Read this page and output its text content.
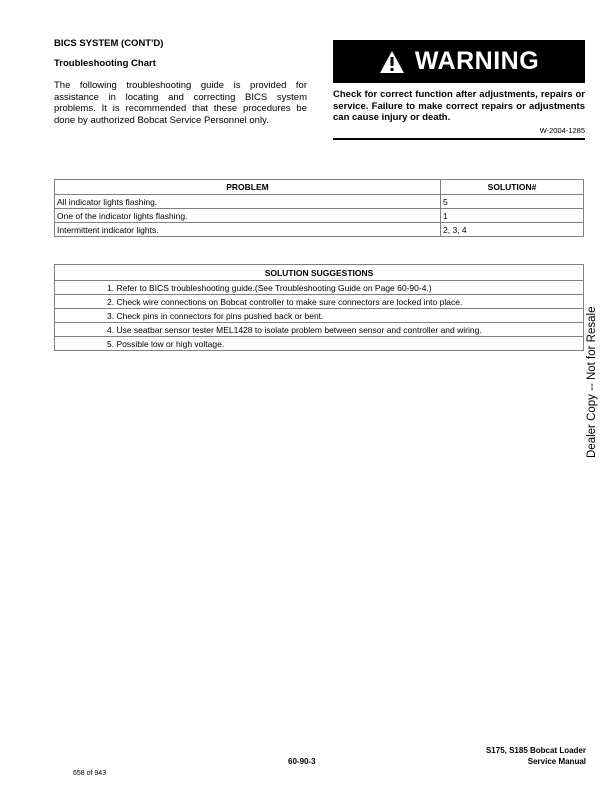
BICS SYSTEM (CONT'D)
Troubleshooting Chart
The following troubleshooting guide is provided for assistance in locating and correcting BICS system problems. It is recommended that these procedures be done by authorized Bobcat Service Personnel only.
WARNING
Check for correct function after adjustments, repairs or service. Failure to make correct repairs or adjustments can cause injury or death.
W-2004-1285
PROBLEM	SOLUTION#
All indicator lights flashing.	5
One of the indicator lights flashing.	1
Intermittent indicator lights.	2, 3, 4
SOLUTION SUGGESTIONS
1. Refer to BICS troubleshooting guide.(See Troubleshooting Guide on Page 60-90-4.)
2. Check wire connections on Bobcat controller to make sure connectors are locked into place.
3. Check pins in connectors for pins pushed back or bent.
4. Use seatbar sensor tester MEL1428 to isolate problem between sensor and controller and wiring.
5. Possible low or high voltage.	Dealer Copy -- Not for Resale
S175, S185 Bobcat Loader
Service Manual
60-90-3
658 of 943
